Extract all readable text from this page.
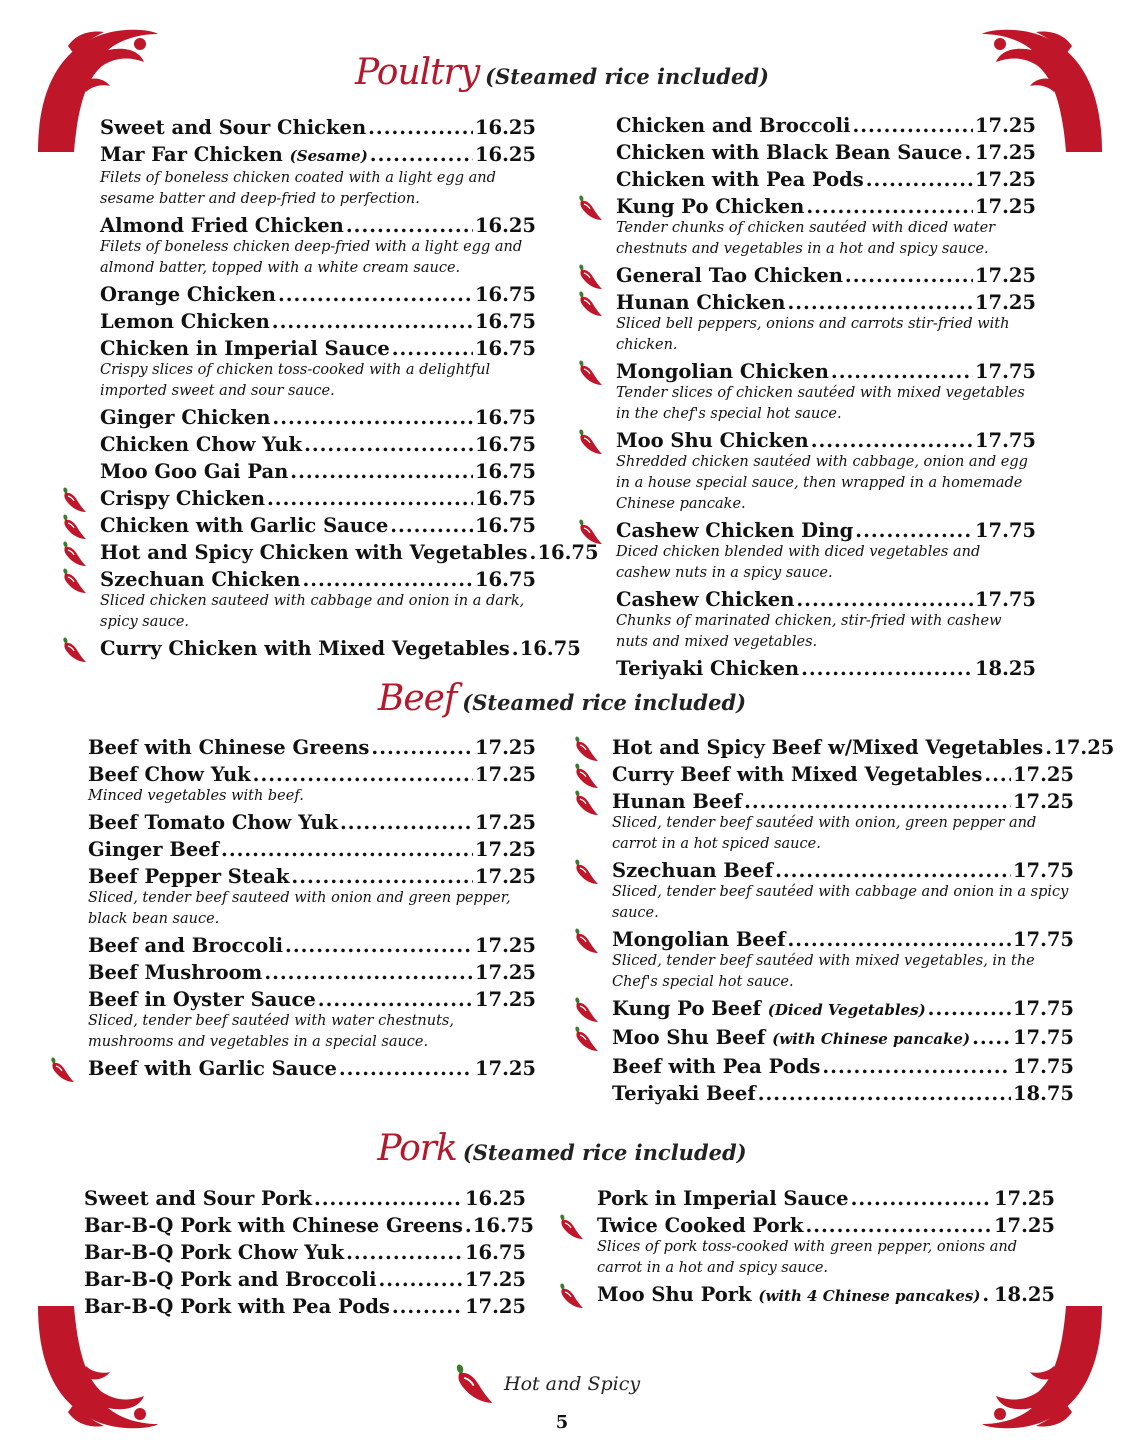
Poultry (Steamed rice included)
Sweet and Sour Chicken .....	16.25
Mar Far Chicken (Sesame) .....	16.25
Filets of boneless chicken coated with a light egg and sesame batter and deep-fried to perfection.
Almond Fried Chicken .....	16.25
Filets of boneless chicken deep-fried with a light egg and almond batter, topped with a white cream sauce.
Orange Chicken .....	16.75
Lemon Chicken .....	16.75
Chicken in Imperial Sauce .....	16.75
Crispy slices of chicken toss-cooked with a delightful imported sweet and sour sauce.
Ginger Chicken .....	16.75
Chicken Chow Yuk .....	16.75
Moo Goo Gai Pan .....	16.75
Crispy Chicken .....	16.75
Chicken with Garlic Sauce .....	16.75
Hot and Spicy Chicken with Vegetables ..... 16.75
Szechuan Chicken .....	16.75
Sliced chicken sauteed with cabbage and onion in a dark, spicy sauce.
Curry Chicken with Mixed Vegetables ..... 16.75
Chicken and Broccoli .....	17.25
Chicken with Black Bean Sauce ..... 17.25
Chicken with Pea Pods .....	17.25
Kung Po Chicken .....	17.25
Tender chunks of chicken sautéed with diced water chestnuts and vegetables in a hot and spicy sauce.
General Tao Chicken .....	17.25
Hunan Chicken .....	17.25
Sliced bell peppers, onions and carrots stir-fried with chicken.
Mongolian Chicken .....	17.75
Tender slices of chicken sautéed with mixed vegetables in the chef's special hot sauce.
Moo Shu Chicken .....	17.75
Shredded chicken sautéed with cabbage, onion and egg in a house special sauce, then wrapped in a homemade Chinese pancake.
Cashew Chicken Ding .....	17.75
Diced chicken blended with diced vegetables and cashew nuts in a spicy sauce.
Cashew Chicken .....	17.75
Chunks of marinated chicken, stir-fried with cashew nuts and mixed vegetables.
Teriyaki Chicken .....	18.25
Beef (Steamed rice included)
Beef with Chinese Greens .....	17.25
Beef Chow Yuk .....	17.25
Minced vegetables with beef.
Beef Tomato Chow Yuk .....	17.25
Ginger Beef .....	17.25
Beef Pepper Steak .....	17.25
Sliced, tender beef sauteed with onion and green pepper, black bean sauce.
Beef and Broccoli .....	17.25
Beef Mushroom .....	17.25
Beef in Oyster Sauce .....	17.25
Sliced, tender beef sautéed with water chestnuts, mushrooms and vegetables in a special sauce.
Beef with Garlic Sauce .....	17.25
Hot and Spicy Beef w/Mixed Vegetables ..... 17.25
Curry Beef with Mixed Vegetables ..... 17.25
Hunan Beef .....	17.25
Sliced, tender beef sautéed with onion, green pepper and carrot in a hot spiced sauce.
Szechuan Beef .....	17.75
Sliced, tender beef sautéed with cabbage and onion in a spicy sauce.
Mongolian Beef .....	17.75
Sliced, tender beef sautéed with mixed vegetables, in the Chef's special hot sauce.
Kung Po Beef (Diced Vegetables) .....	17.75
Moo Shu Beef (with Chinese pancake) ..... 17.75
Beef with Pea Pods .....	17.75
Teriyaki Beef .....	18.75
Pork (Steamed rice included)
Sweet and Sour Pork .....	16.25
Bar-B-Q Pork with Chinese Greens ..... 16.75
Bar-B-Q Pork Chow Yuk .....	16.75
Bar-B-Q Pork and Broccoli .....	17.25
Bar-B-Q Pork with Pea Pods .....	17.25
Pork in Imperial Sauce .....	17.25
Twice Cooked Pork .....	17.25
Slices of pork toss-cooked with green pepper, onions and carrot in a hot and spicy sauce.
Moo Shu Pork (with 4 Chinese pancakes) ..... 18.25
Hot and Spicy
5
